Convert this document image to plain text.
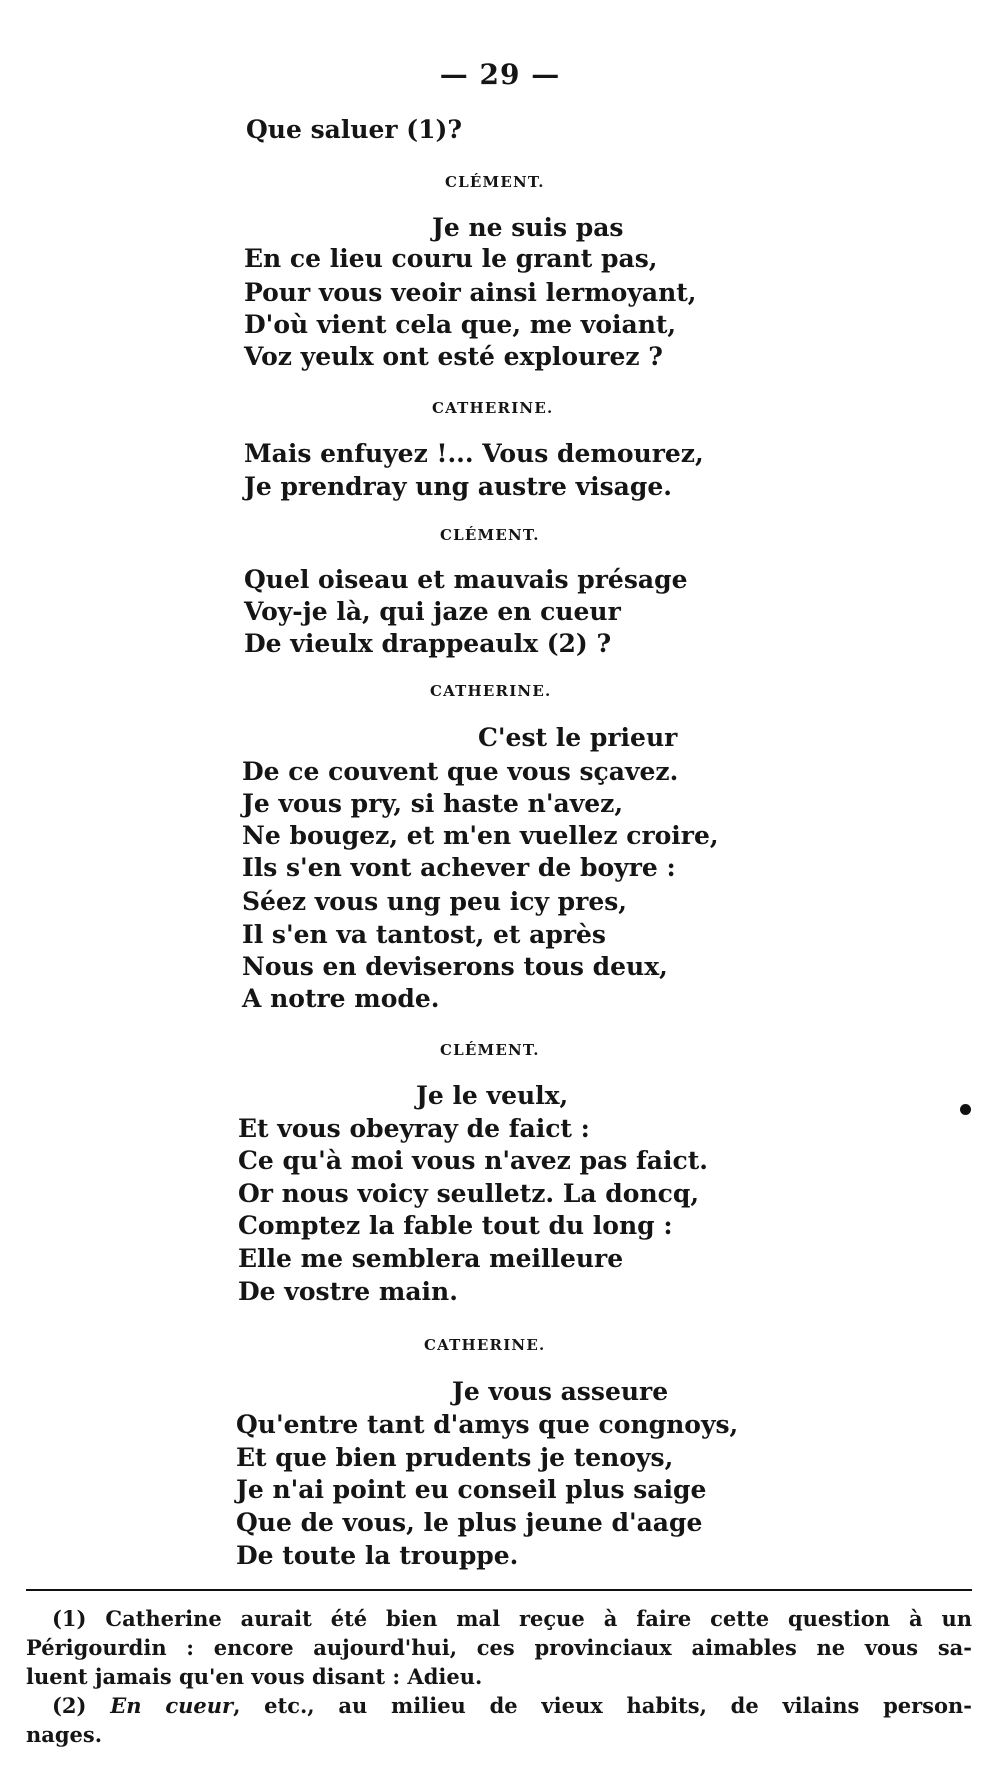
— 29 —
Que saluer (1)?
CLÉMENT.
Je ne suis pas
En ce lieu couru le grant pas,
Pour vous veoir ainsi lermoyant,
D'où vient cela que, me voiant,
Voz yeulx ont esté explourez ?
CATHERINE.
Mais enfuyez !... Vous demourez,
Je prendray ung austre visage.
CLÉMENT.
Quel oiseau et mauvais présage
Voy-je là, qui jaze en cueur
De vieulx drappeaulx (2) ?
CATHERINE.
C'est le prieur
De ce couvent que vous sçavez.
Je vous pry, si haste n'avez,
Ne bougez, et m'en vuellez croire,
Ils s'en vont achever de boyre :
Séez vous ung peu icy pres,
Il s'en va tantost, et après
Nous en deviserons tous deux,
A notre mode.
CLÉMENT.
Je le veulx,
Et vous obeyray de faict :
Ce qu'à moi vous n'avez pas faict.
Or nous voicy seulletz. La doncq,
Comptez la fable tout du long :
Elle me semblera meilleure
De vostre main.
CATHERINE.
Je vous asseure
Qu'entre tant d'amys que congnoys,
Et que bien prudents je tenoys,
Je n'ai point eu conseil plus saige
Que de vous, le plus jeune d'aage
De toute la trouppe.
(1) Catherine aurait été bien mal reçue à faire cette question à un
Périgourdin : encore aujourd'hui, ces provinciaux aimables ne vous sa-
luent jamais qu'en vous disant : Adieu.
(2) En cueur, etc., au milieu de vieux habits, de vilains person-
nages.
